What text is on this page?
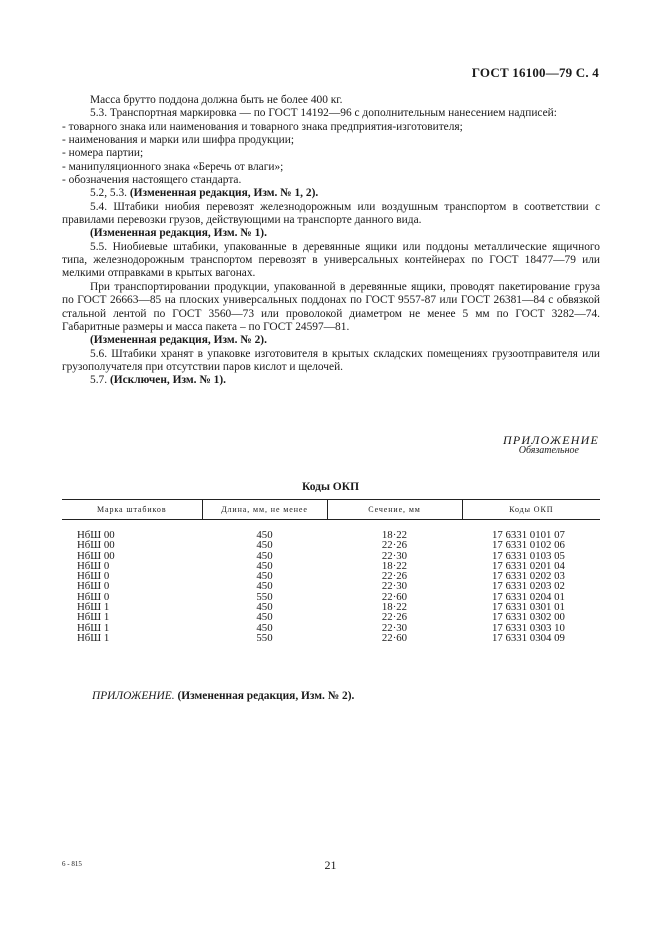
ГОСТ 16100—79 С. 4

Масса брутто поддона должна быть не более 400 кг.

5.3. Транспортная маркировка — по ГОСТ 14192—96 с дополнительным нанесением надписей:

- товарного знака или наименования и товарного знака предприятия-изготовителя;

- наименования и марки или шифра продукции;

- номера партии;

- манипуляционного знака «Беречь от влаги»;

- обозначения настоящего стандарта.

5.2, 5.3. (Измененная редакция, Изм. № 1, 2).

5.4. Штабики ниобия перевозят железнодорожным или воздушным транспортом в соответствии с правилами перевозки грузов, действующими на транспорте данного вида.

(Измененная редакция, Изм. № 1).

5.5. Ниобиевые штабики, упакованные в деревянные ящики или поддоны металлические ящичного типа, железнодорожным транспортом перевозят в универсальных контейнерах по ГОСТ 18477—79 или мелкими отправками в крытых вагонах.

При транспортировании продукции, упакованной в деревянные ящики, проводят пакетирование груза по ГОСТ 26663—85 на плоских универсальных поддонах по ГОСТ 9557-87 или ГОСТ 26381—84 с обвязкой стальной лентой по ГОСТ 3560—73 или проволокой диаметром не менее 5 мм по ГОСТ 3282—74. Габаритные размеры и масса пакета – по ГОСТ 24597—81.

(Измененная редакция, Изм. № 2).

5.6. Штабики хранят в упаковке изготовителя в крытых складских помещениях грузоотправителя или грузополучателя при отсутствии паров кислот и щелочей.

5.7. (Исключен, Изм. № 1).

ПРИЛОЖЕНИЕ
Обязательное
Коды ОКП
Марка штабиков	Длина, мм, не менее	Сечение, мм	Коды ОКП
НбШ 00	450	18·22	17 6331 0101 07
НбШ 00	450	22·26	17 6331 0102 06
НбШ 00	450	22·30	17 6331 0103 05
НбШ 0	450	18·22	17 6331 0201 04
НбШ 0	450	22·26	17 6331 0202 03
НбШ 0	450	22·30	17 6331 0203 02
НбШ 0	550	22·60	17 6331 0204 01
НбШ 1	450	18·22	17 6331 0301 01
НбШ 1	450	22·26	17 6331 0302 00
НбШ 1	450	22·30	17 6331 0303 10
НбШ 1	550	22·60	17 6331 0304 09
ПРИЛОЖЕНИЕ. (Измененная редакция, Изм. № 2).
21
6 - 815
